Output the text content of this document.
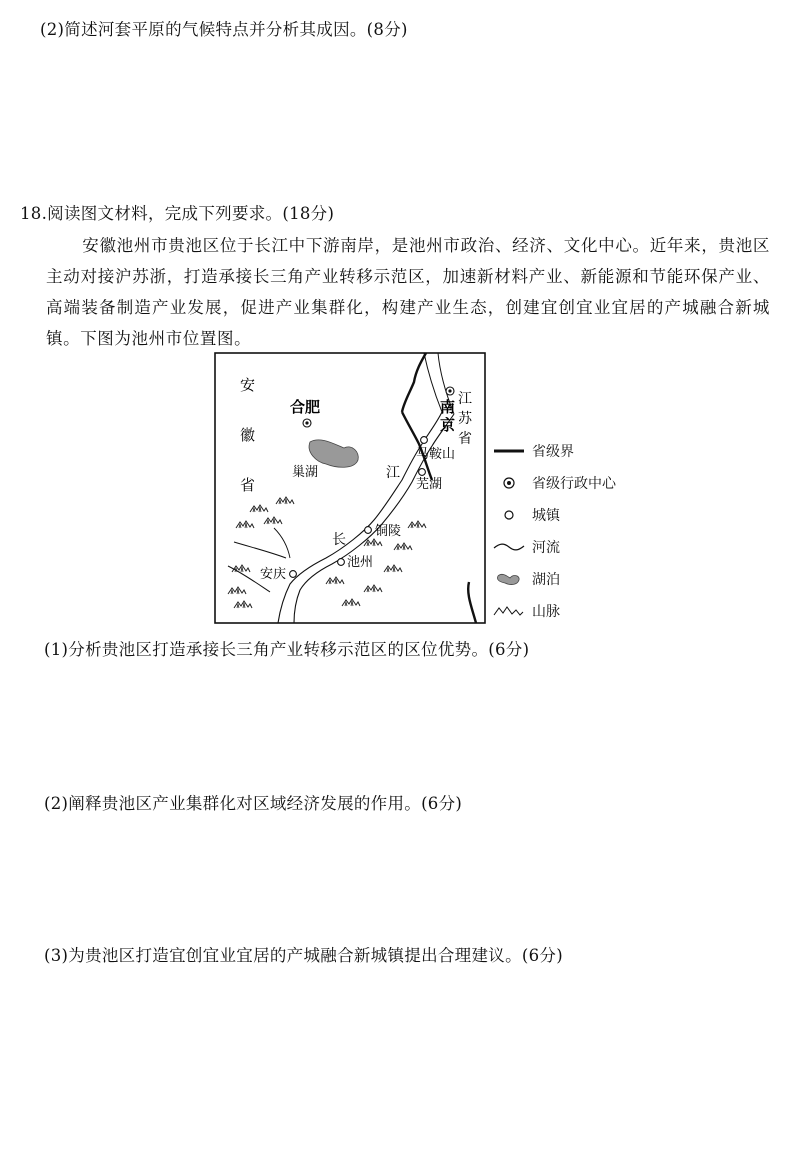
(2)简述河套平原的气候特点并分析其成因。(8分)
18.阅读图文材料，完成下列要求。(18分)
安徽池州市贵池区位于长江中下游南岸，是池州市政治、经济、文化中心。近年来，贵池区主动对接沪苏浙，打造承接长三角产业转移示范区，加速新材料产业、新能源和节能环保产业、高端装备制造产业发展，促进产业集群化，构建产业生态，创建宜创宜业宜居的产城融合新城镇。下图为池州市位置图。
安
徽
省
江
苏
省
南
京
合肥
巢湖
马鞍山
芜湖
铜陵
安庆
池州
江
长
省级界
省级行政中心
城镇
河流
湖泊
山脉
(1)分析贵池区打造承接长三角产业转移示范区的区位优势。(6分)
(2)阐释贵池区产业集群化对区域经济发展的作用。(6分)
(3)为贵池区打造宜创宜业宜居的产城融合新城镇提出合理建议。(6分)
